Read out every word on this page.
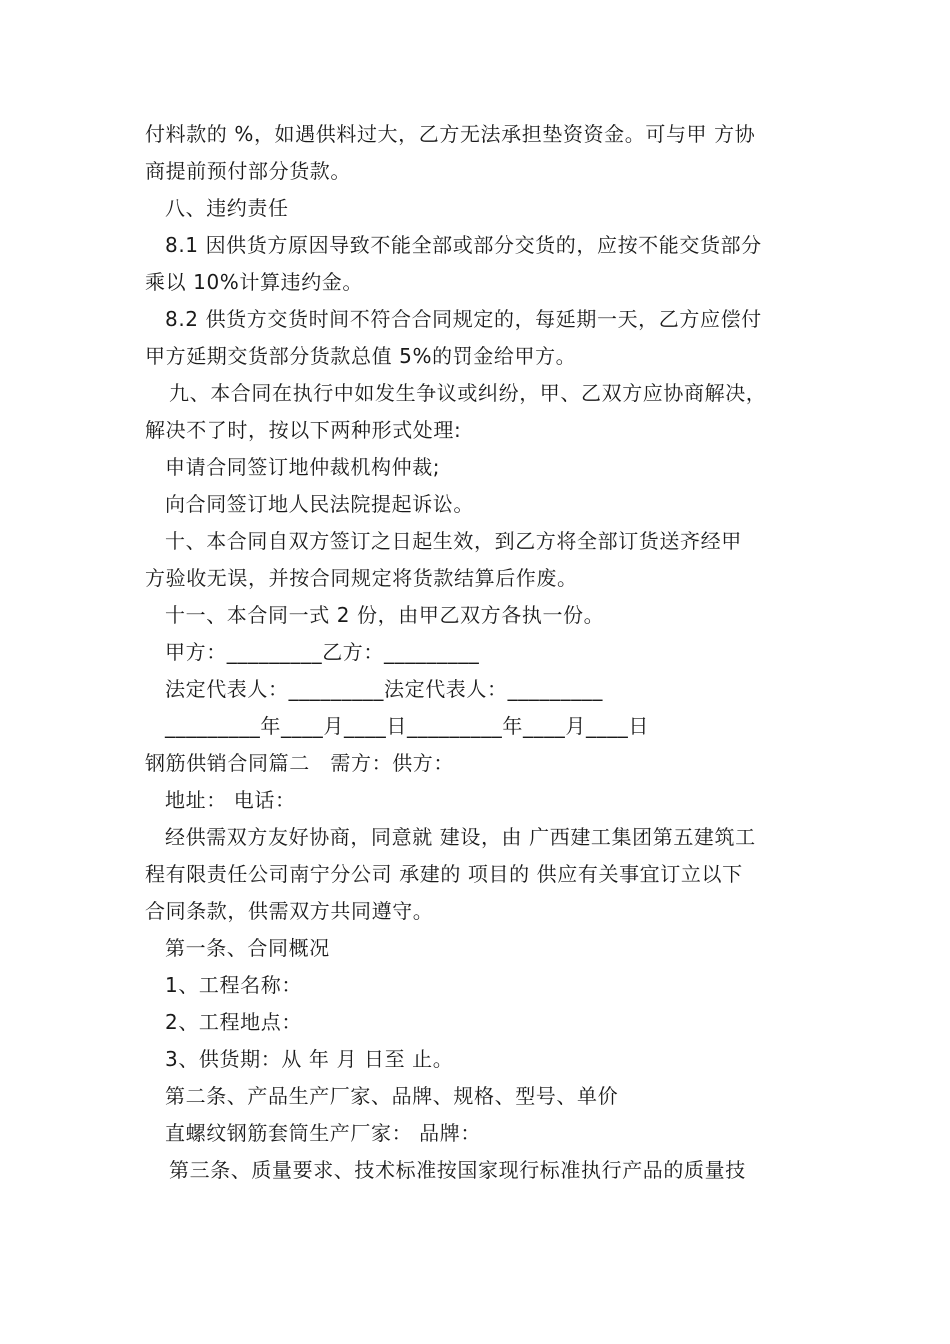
付料款的 %，如遇供料过大，乙方无法承担垫资资金。可与甲 方协
商提前预付部分货款。
八、违约责任
8.1 因供货方原因导致不能全部或部分交货的，应按不能交货部分
乘以 10%计算违约金。
8.2 供货方交货时间不符合合同规定的，每延期一天，乙方应偿付
甲方延期交货部分货款总值 5%的罚金给甲方。
九、本合同在执行中如发生争议或纠纷，甲、乙双方应协商解决，
解决不了时，按以下两种形式处理:
申请合同签订地仲裁机构仲裁;
向合同签订地人民法院提起诉讼。
十、本合同自双方签订之日起生效，到乙方将全部订货送齐经甲
方验收无误，并按合同规定将货款结算后作废。
十一、本合同一式 2 份，由甲乙双方各执一份。
甲方：_________乙方：_________
法定代表人：_________法定代表人：_________
_________年____月____日_________年____月____日
钢筋供销合同篇二　需方：供方：
地址： 电话：
经供需双方友好协商，同意就 建设，由 广西建工集团第五建筑工
程有限责任公司南宁分公司 承建的 项目的 供应有关事宜订立以下
合同条款，供需双方共同遵守。
第一条、合同概况
1、工程名称：
2、工程地点：
3、供货期：从 年 月 日至 止。
第二条、产品生产厂家、品牌、规格、型号、单价
直螺纹钢筋套筒生产厂家： 品牌：
第三条、质量要求、技术标准按国家现行标准执行产品的质量技
